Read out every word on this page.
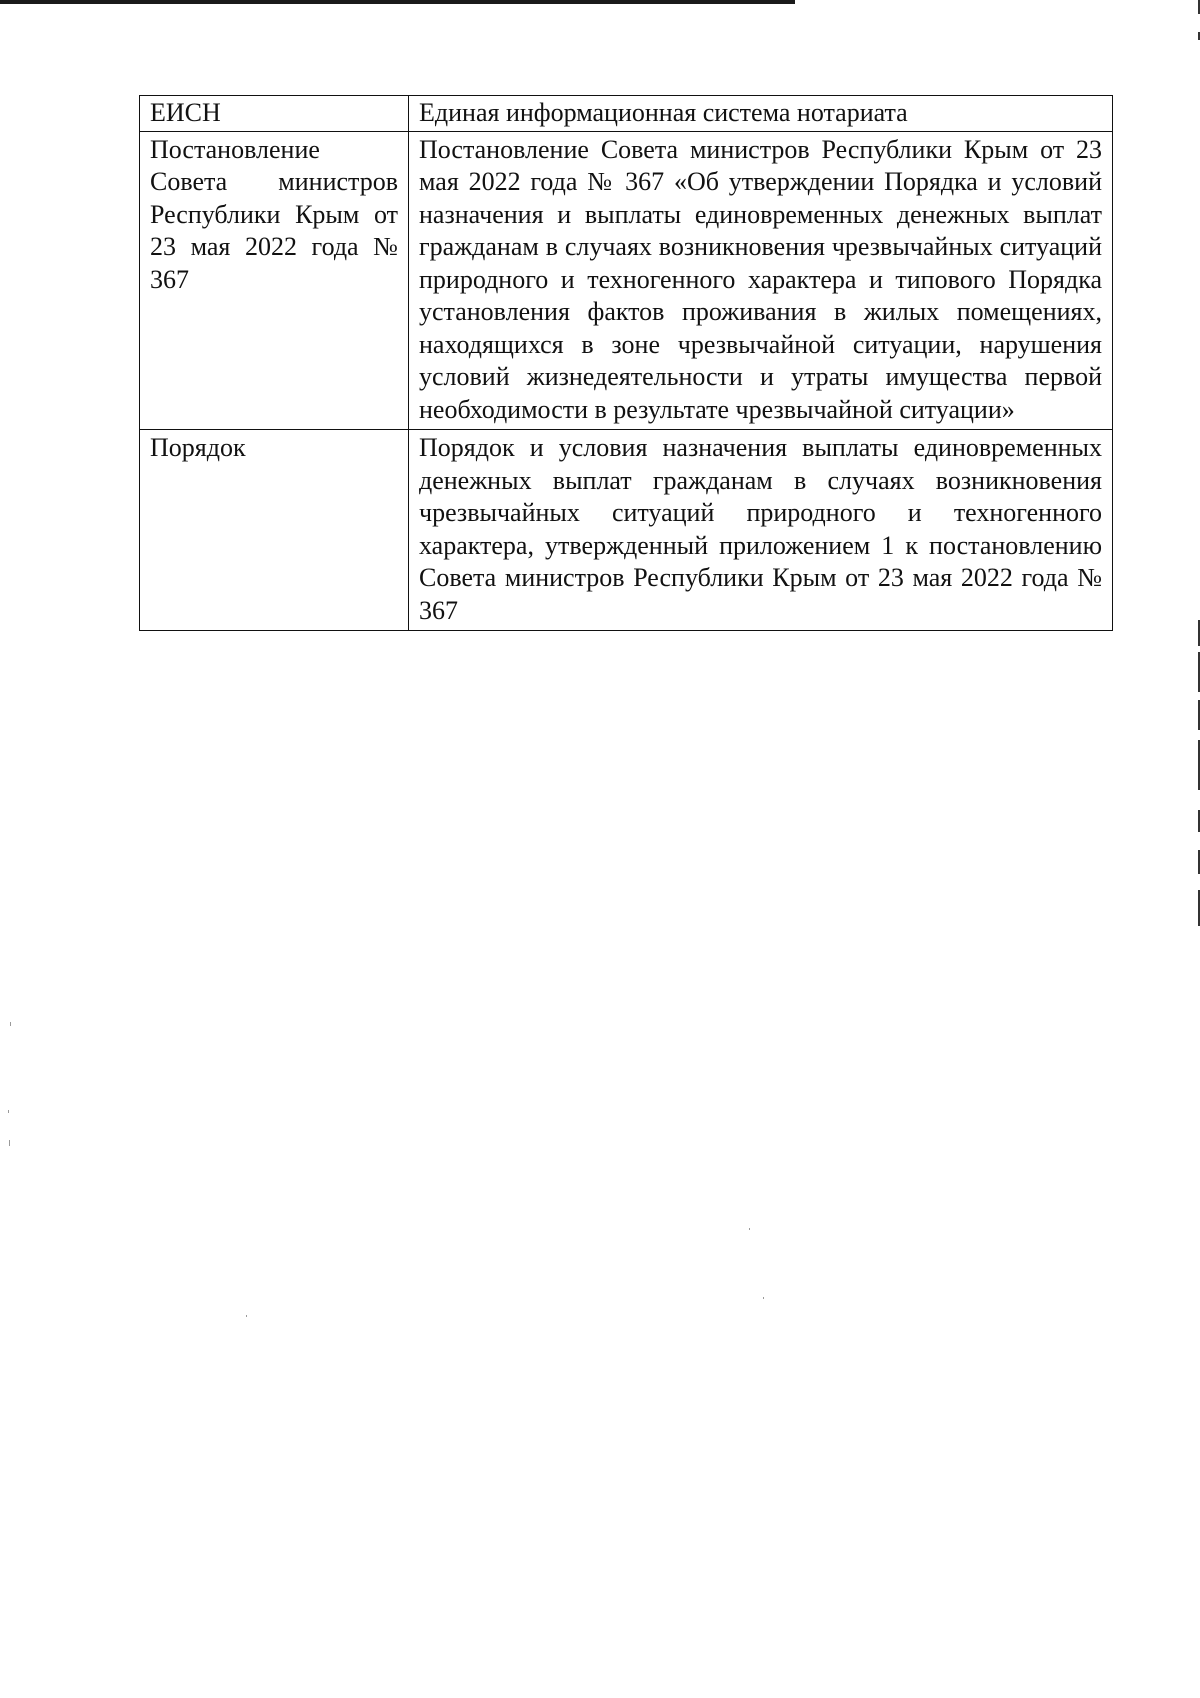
ЕИСН	Единая информационная система нотариата
Постановление Совета министров Республики Крым от 23 мая 2022 года № 367	Постановление Совета министров Республики Крым от 23 мая 2022 года № 367 «Об утверждении Порядка и условий назначения и выплаты единовременных денежных выплат гражданам в случаях возникновения чрезвычайных ситуаций природного и техногенного характера и типового Порядка установления фактов проживания в жилых помещениях, находящихся в зоне чрезвычайной ситуации, нарушения условий жизнедеятельности и утраты имущества первой необходимости в результате чрезвычайной ситуации»
Порядок	Порядок и условия назначения выплаты единовременных денежных выплат гражданам в случаях возникновения чрезвычайных ситуаций природного и техногенного характера, утвержденный приложением 1 к постановлению Совета министров Республики Крым от 23 мая 2022 года № 367
